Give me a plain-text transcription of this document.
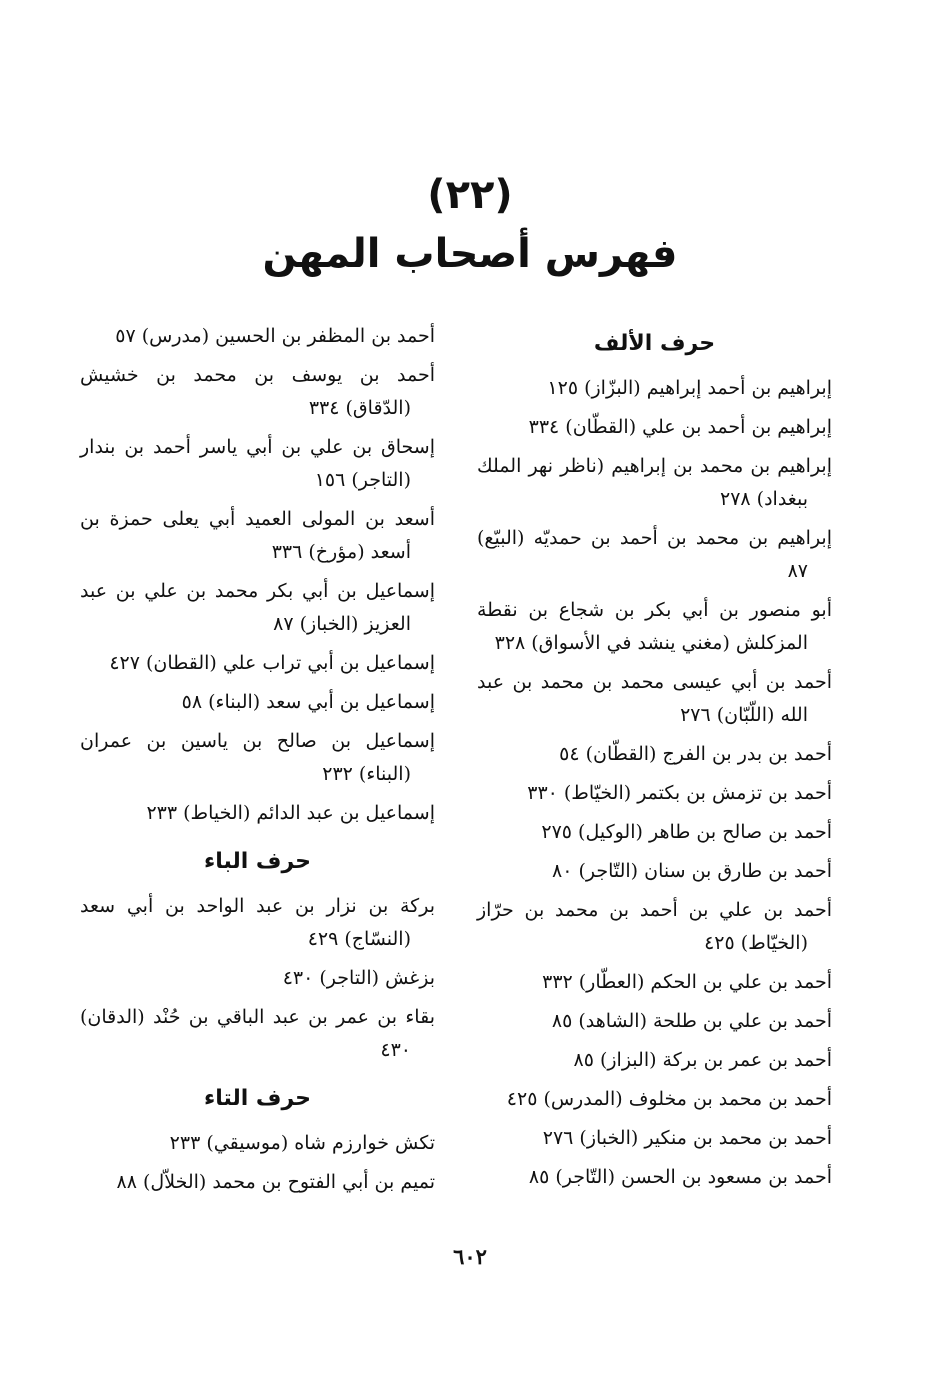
(٢٢)
فهرس أصحاب المهن
حرف الألف
إبراهيم بن أحمد إبراهيم (البزّاز) ١٢٥
إبراهيم بن أحمد بن علي (القطّان) ٣٣٤
إبراهيم بن محمد بن إبراهيم (ناظر نهر الملك ببغداد) ٢٧٨
إبراهيم بن محمد بن أحمد بن حمديّه (البيّع) ٨٧
أبو منصور بن أبي بكر بن شجاع بن نقطة المزكلش (مغني ينشد في الأسواق) ٣٢٨
أحمد بن أبي عيسى محمد بن محمد بن عبد الله (اللّبّان) ٢٧٦
أحمد بن بدر بن الفرج (القطّان) ٥٤
أحمد بن تزمش بن بكتمر (الخيّاط) ٣٣٠
أحمد بن صالح بن طاهر (الوكيل) ٢٧٥
أحمد بن طارق بن سنان (التّاجر) ٨٠
أحمد بن علي بن أحمد بن محمد بن حرّاز (الخيّاط) ٤٢٥
أحمد بن علي بن الحكم (العطّار) ٣٣٢
أحمد بن علي بن طلحة (الشاهد) ٨٥
أحمد بن عمر بن بركة (البزاز) ٨٥
أحمد بن محمد بن مخلوف (المدرس) ٤٢٥
أحمد بن محمد بن منكير (الخباز) ٢٧٦
أحمد بن مسعود بن الحسن (التّاجر) ٨٥
أحمد بن المظفر بن الحسين (مدرس) ٥٧
أحمد بن يوسف بن محمد بن خشيش (الدّقاق) ٣٣٤
إسحاق بن علي بن أبي ياسر أحمد بن بندار (التاجر) ١٥٦
أسعد بن المولى العميد أبي يعلى حمزة بن أسعد (مؤرخ) ٣٣٦
إسماعيل بن أبي بكر محمد بن علي بن عبد العزيز (الخباز) ٨٧
إسماعيل بن أبي تراب علي (القطان) ٤٢٧
إسماعيل بن أبي سعد (البناء) ٥٨
إسماعيل بن صالح بن ياسين بن عمران (البناء) ٢٣٢
إسماعيل بن عبد الدائم (الخياط) ٢٣٣
حرف الباء
بركة بن نزار بن عبد الواحد بن أبي سعد (النسّاج) ٤٢٩
بزغش (التاجر) ٤٣٠
بقاء بن عمر بن عبد الباقي بن حُنْد (الدقان) ٤٣٠
حرف التاء
تكش خوارزم شاه (موسيقي) ٢٣٣
تميم بن أبي الفتوح بن محمد (الخلاّل) ٨٨
٦٠٢
